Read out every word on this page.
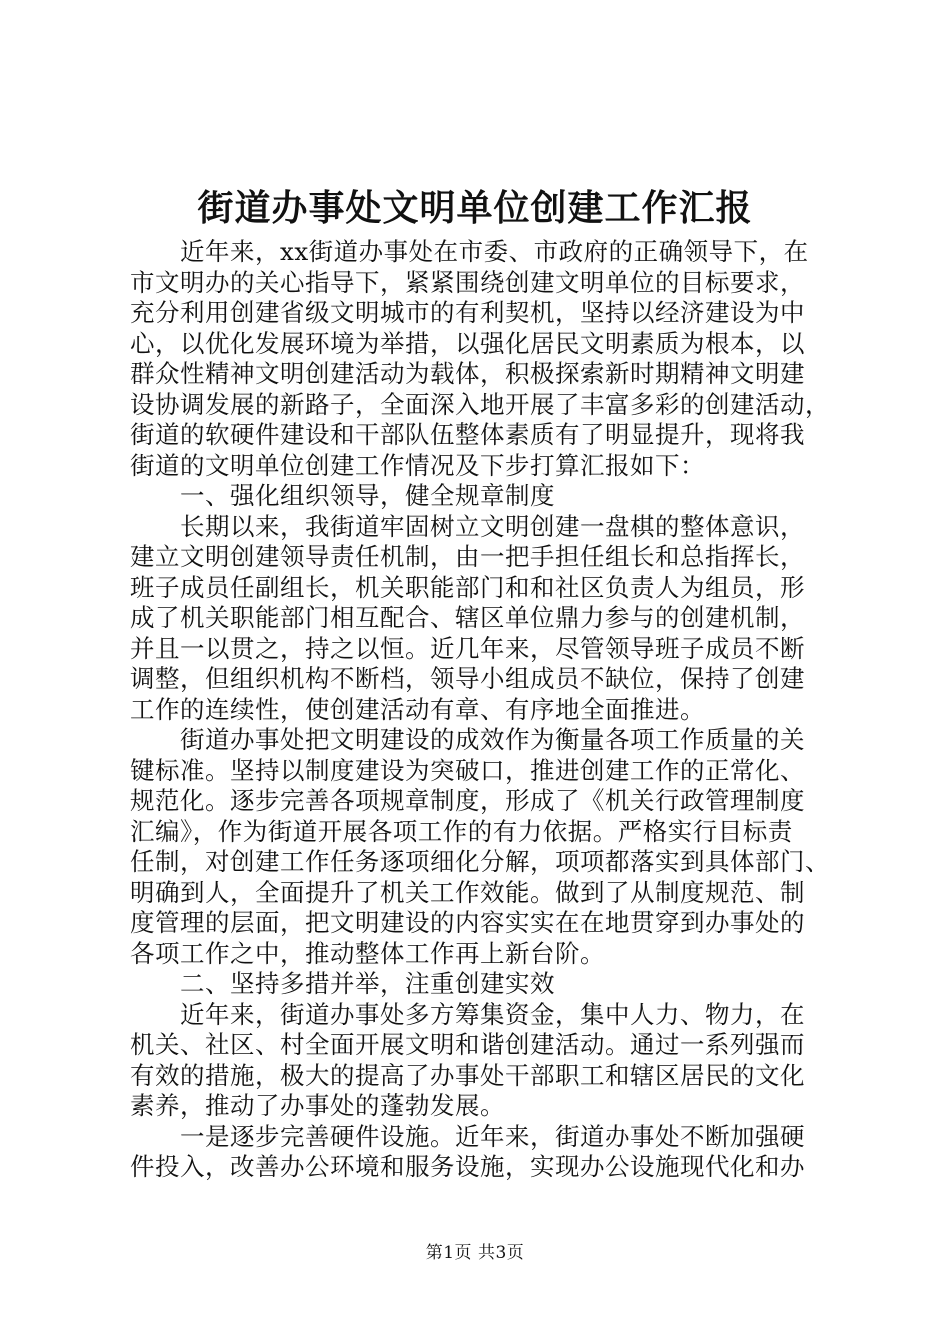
街道办事处文明单位创建工作汇报
近年来，xx街道办事处在市委、市政府的正确领导下，在
市文明办的关心指导下，紧紧围绕创建文明单位的目标要求，
充分利用创建省级文明城市的有利契机，坚持以经济建设为中
心，以优化发展环境为举措，以强化居民文明素质为根本，以
群众性精神文明创建活动为载体，积极探索新时期精神文明建
设协调发展的新路子，全面深入地开展了丰富多彩的创建活动，
街道的软硬件建设和干部队伍整体素质有了明显提升，现将我
街道的文明单位创建工作情况及下步打算汇报如下：
一、强化组织领导，健全规章制度
长期以来，我街道牢固树立文明创建一盘棋的整体意识，
建立文明创建领导责任机制，由一把手担任组长和总指挥长，
班子成员任副组长，机关职能部门和和社区负责人为组员，形
成了机关职能部门相互配合、辖区单位鼎力参与的创建机制，
并且一以贯之，持之以恒。近几年来，尽管领导班子成员不断
调整，但组织机构不断档，领导小组成员不缺位，保持了创建
工作的连续性，使创建活动有章、有序地全面推进。
街道办事处把文明建设的成效作为衡量各项工作质量的关
键标准。坚持以制度建设为突破口，推进创建工作的正常化、
规范化。逐步完善各项规章制度，形成了《机关行政管理制度
汇编》，作为街道开展各项工作的有力依据。严格实行目标责
任制，对创建工作任务逐项细化分解，项项都落实到具体部门、
明确到人，全面提升了机关工作效能。做到了从制度规范、制
度管理的层面，把文明建设的内容实实在在地贯穿到办事处的
各项工作之中，推动整体工作再上新台阶。
二、坚持多措并举，注重创建实效
近年来，街道办事处多方筹集资金，集中人力、物力，在
机关、社区、村全面开展文明和谐创建活动。通过一系列强而
有效的措施，极大的提高了办事处干部职工和辖区居民的文化
素养，推动了办事处的蓬勃发展。
一是逐步完善硬件设施。近年来，街道办事处不断加强硬
件投入，改善办公环境和服务设施，实现办公设施现代化和办
第1页 共3页
